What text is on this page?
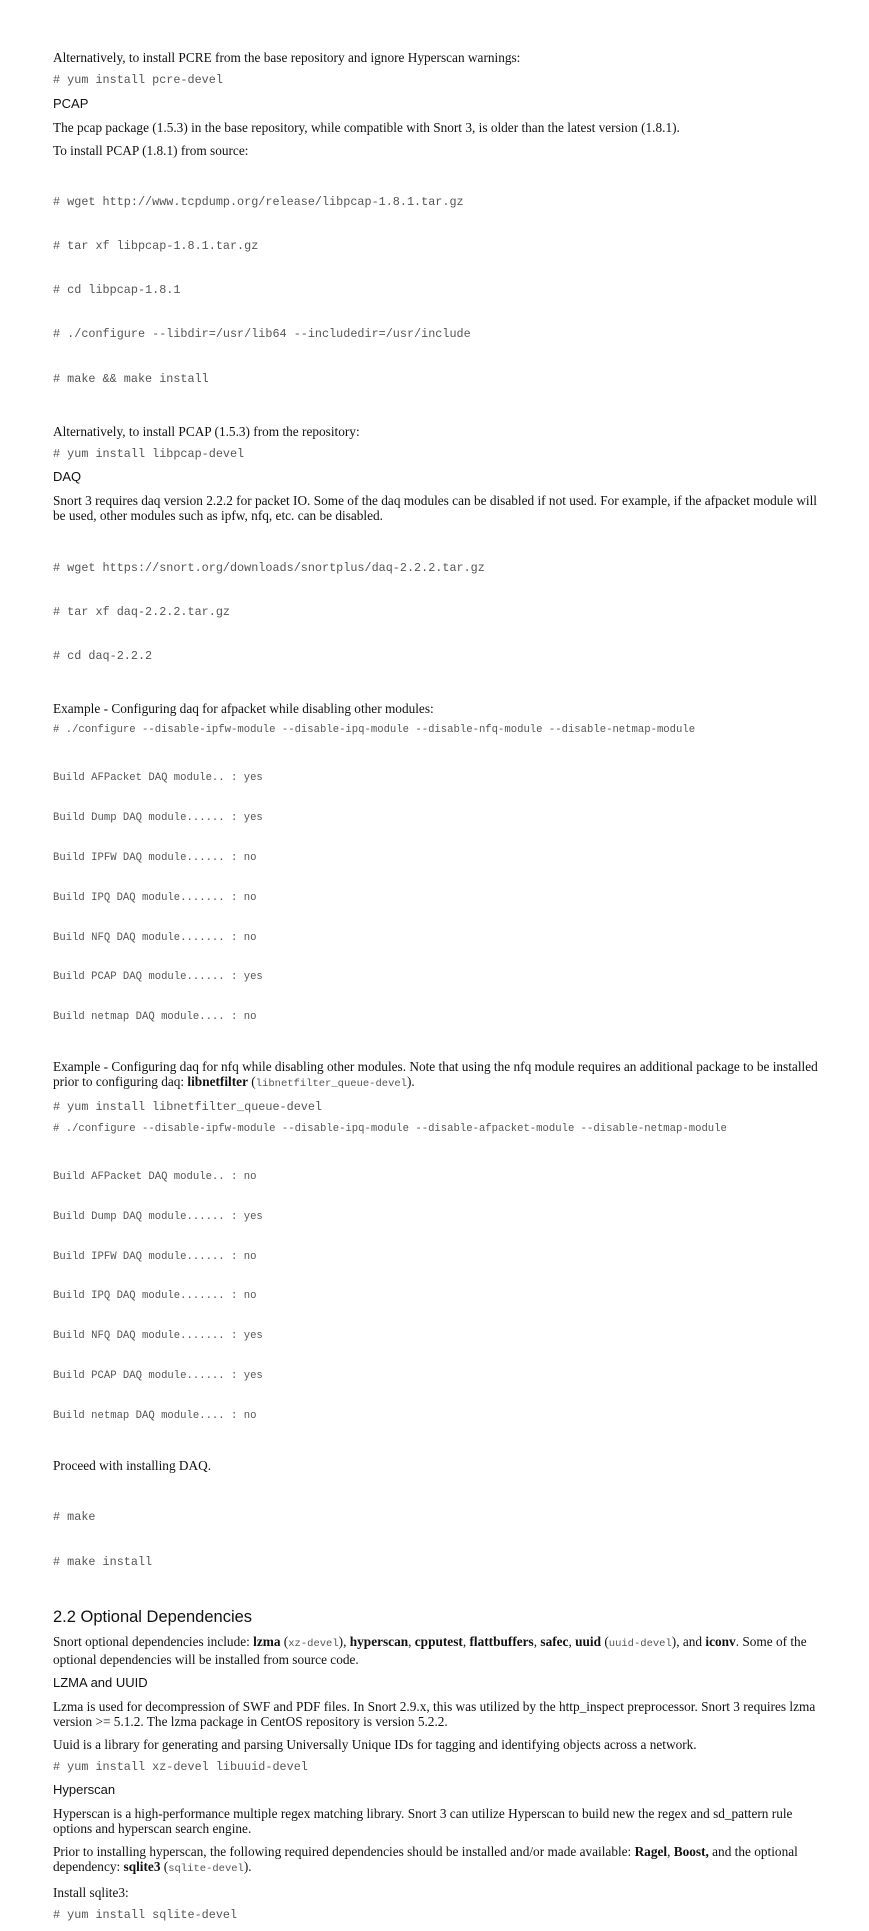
Alternatively, to install PCRE from the base repository and ignore Hyperscan warnings:

# yum install pcre-devel
PCAP

The pcap package (1.5.3) in the base repository, while compatible with Snort 3, is older than the latest version (1.8.1).

To install PCAP (1.8.1) from source:

# wget http://www.tcpdump.org/release/libpcap-1.8.1.tar.gz

# tar xf libpcap-1.8.1.tar.gz

# cd libpcap-1.8.1

# ./configure --libdir=/usr/lib64 --includedir=/usr/include

# make && make install

Alternatively, to install PCAP (1.5.3) from the repository:

# yum install libpcap-devel
DAQ

Snort 3 requires daq version 2.2.2 for packet IO. Some of the daq modules can be disabled if not used. For example, if the afpacket module will be used, other modules such as ipfw, nfq, etc. can be disabled.

# wget https://snort.org/downloads/snortplus/daq-2.2.2.tar.gz

# tar xf daq-2.2.2.tar.gz

# cd daq-2.2.2

Example - Configuring daq for afpacket while disabling other modules:

# ./configure --disable-ipfw-module --disable-ipq-module --disable-nfq-module --disable-netmap-module

Build AFPacket DAQ module.. : yes

Build Dump DAQ module...... : yes

Build IPFW DAQ module...... : no

Build IPQ DAQ module....... : no

Build NFQ DAQ module....... : no

Build PCAP DAQ module...... : yes

Build netmap DAQ module.... : no

Example - Configuring daq for nfq while disabling other modules. Note that using the nfq module requires an additional package to be installed prior to configuring daq: libnetfilter (libnetfilter_queue-devel).

# yum install libnetfilter_queue-devel
# ./configure --disable-ipfw-module --disable-ipq-module --disable-afpacket-module --disable-netmap-module

Build AFPacket DAQ module.. : no

Build Dump DAQ module...... : yes

Build IPFW DAQ module...... : no

Build IPQ DAQ module....... : no

Build NFQ DAQ module....... : yes

Build PCAP DAQ module...... : yes

Build netmap DAQ module.... : no

Proceed with installing DAQ.

# make

# make install

2.2 Optional Dependencies

Snort optional dependencies include: lzma (xz-devel), hyperscan, cpputest, flattbuffers, safec, uuid (uuid-devel), and iconv. Some of the optional dependencies will be installed from source code.

LZMA and UUID

Lzma is used for decompression of SWF and PDF files. In Snort 2.9.x, this was utilized by the http_inspect preprocessor. Snort 3 requires lzma version >= 5.1.2. The lzma package in CentOS repository is version 5.2.2.

Uuid is a library for generating and parsing Universally Unique IDs for tagging and identifying objects across a network.

# yum install xz-devel libuuid-devel
Hyperscan

Hyperscan is a high-performance multiple regex matching library. Snort 3 can utilize Hyperscan to build new the regex and sd_pattern rule options and hyperscan search engine.

Prior to installing hyperscan, the following required dependencies should be installed and/or made available: Ragel, Boost, and the optional dependency: sqlite3 (sqlite-devel).

Install sqlite3:

# yum install sqlite-devel
